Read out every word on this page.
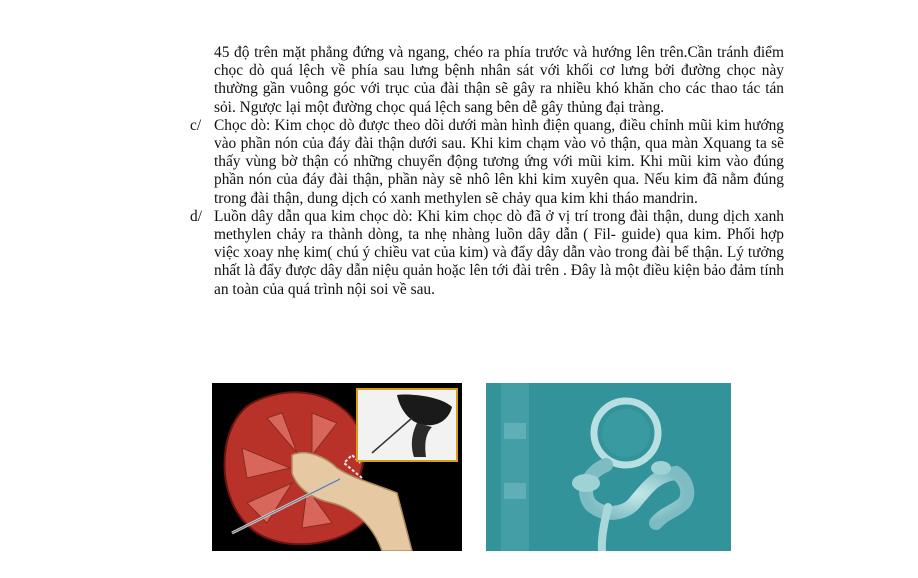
45 độ trên mặt phẳng đứng và ngang, chéo ra phía trước và hướng lên trên.Cần tránh điểm chọc dò quá lệch về phía sau lưng bệnh nhân sát với khối cơ lưng bởi đường chọc này thường gần vuông góc với trục của đài thận sẽ gây ra nhiều khó khăn cho các thao tác tán sỏi. Ngược lại một đường chọc quá lệch sang bên dễ gây thủng đại tràng.

c/ Chọc dò: Kim chọc dò được theo dõi dưới màn hình điện quang, điều chỉnh mũi kim hướng vào phần nón của đáy đài thận dưới sau. Khi kim chạm vào vỏ thận, qua màn Xquang ta sẽ thấy vùng bờ thận có những chuyển động tương ứng với mũi kim. Khi mũi kim vào đúng phần nón của đáy đài thận, phần này sẽ nhô lên khi kim xuyên qua. Nếu kim đã nằm đúng trong đài thận, dung dịch có xanh methylen sẽ chảy qua kim khi tháo mandrin.

d/ Luồn dây dẫn qua kim chọc dò: Khi kim chọc dò đã ở vị trí trong đài thận, dung dịch xanh methylen chảy ra thành dòng, ta nhẹ nhàng luồn dây dẫn ( Fil- guide) qua kim. Phối hợp việc xoay nhẹ kim( chú ý chiều vat của kim) và đẩy dây dẫn vào trong đài bể thận. Lý tưởng nhất là đẩy được dây dẫn niệu quản hoặc lên tới đài trên . Đây là một điều kiện bảo đảm tính an toàn của quá trình nội soi về sau.
